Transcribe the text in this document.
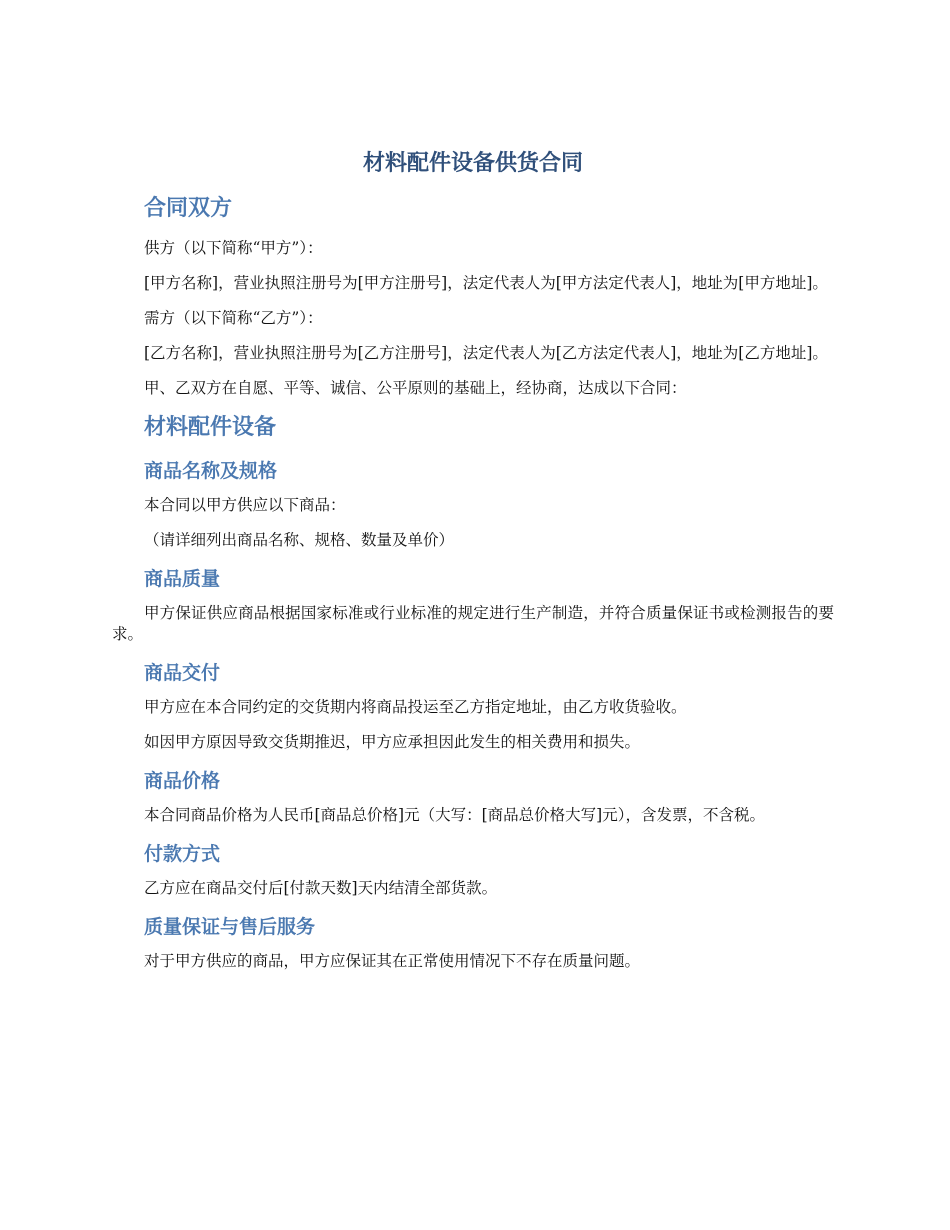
材料配件设备供货合同
合同双方

供方（以下简称“甲方”）：

[甲方名称]，营业执照注册号为[甲方注册号]，法定代表人为[甲方法定代表人]，地址为[甲方地址]。

需方（以下简称“乙方”）：

[乙方名称]，营业执照注册号为[乙方注册号]，法定代表人为[乙方法定代表人]，地址为[乙方地址]。

甲、乙双方在自愿、平等、诚信、公平原则的基础上，经协商，达成以下合同：

材料配件设备
商品名称及规格

本合同以甲方供应以下商品：

（请详细列出商品名称、规格、数量及单价）

商品质量

甲方保证供应商品根据国家标准或行业标准的规定进行生产制造，并符合质量保证书或检测报告的要求。

商品交付

甲方应在本合同约定的交货期内将商品投运至乙方指定地址，由乙方收货验收。

如因甲方原因导致交货期推迟，甲方应承担因此发生的相关费用和损失。

商品价格

本合同商品价格为人民币[商品总价格]元（大写：[商品总价格大写]元），含发票，不含税。

付款方式

乙方应在商品交付后[付款天数]天内结清全部货款。

质量保证与售后服务

对于甲方供应的商品，甲方应保证其在正常使用情况下不存在质量问题。
